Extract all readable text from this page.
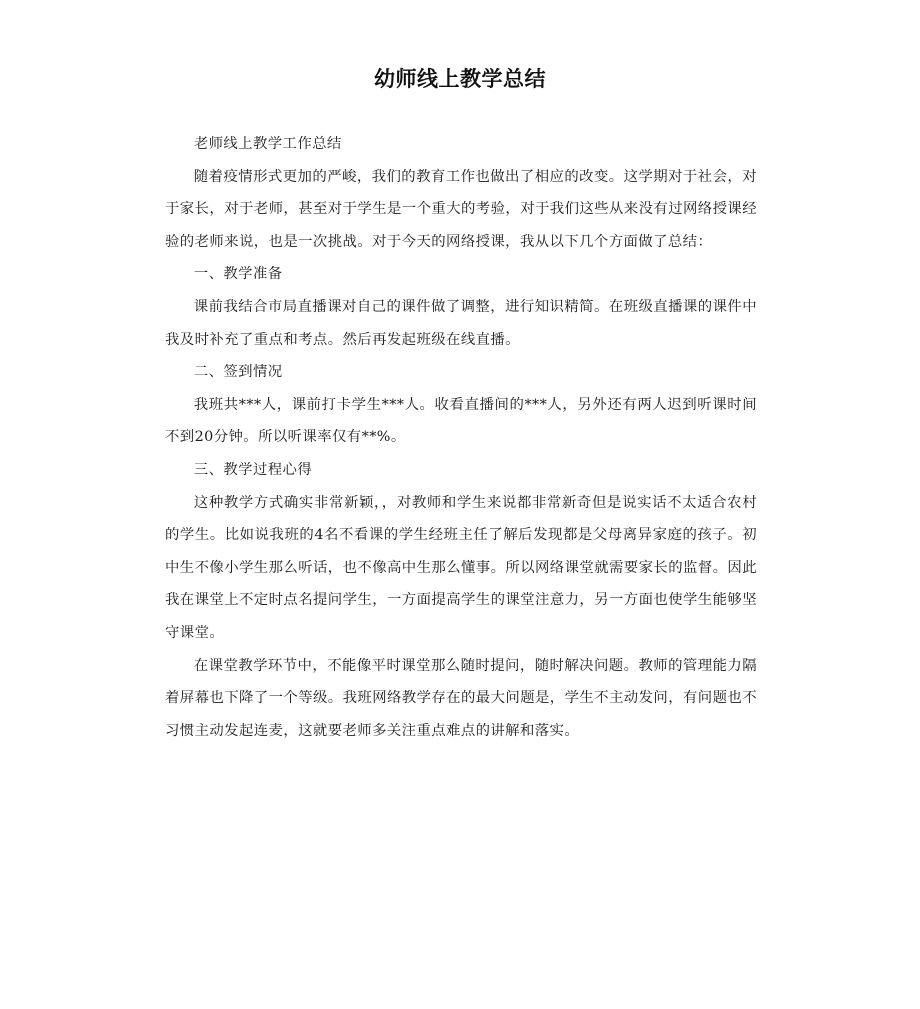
幼师线上教学总结

老师线上教学工作总结

随着疫情形式更加的严峻，我们的教育工作也做出了相应的改变。这学期对于社会，对于家长，对于老师，甚至对于学生是一个重大的考验，对于我们这些从来没有过网络授课经验的老师来说，也是一次挑战。对于今天的网络授课，我从以下几个方面做了总结：

一、教学准备

课前我结合市局直播课对自己的课件做了调整，进行知识精简。在班级直播课的课件中我及时补充了重点和考点。然后再发起班级在线直播。

二、签到情况

我班共***人，课前打卡学生***人。收看直播间的***人，另外还有两人迟到听课时间不到20分钟。所以听课率仅有**%。

三、教学过程心得

这种教学方式确实非常新颖，，对教师和学生来说都非常新奇但是说实话不太适合农村的学生。比如说我班的4名不看课的学生经班主任了解后发现都是父母离异家庭的孩子。初中生不像小学生那么听话，也不像高中生那么懂事。所以网络课堂就需要家长的监督。因此我在课堂上不定时点名提问学生，一方面提高学生的课堂注意力，另一方面也使学生能够坚守课堂。

在课堂教学环节中，不能像平时课堂那么随时提问，随时解决问题。教师的管理能力隔着屏幕也下降了一个等级。我班网络教学存在的最大问题是，学生不主动发问，有问题也不习惯主动发起连麦，这就要老师多关注重点难点的讲解和落实。
